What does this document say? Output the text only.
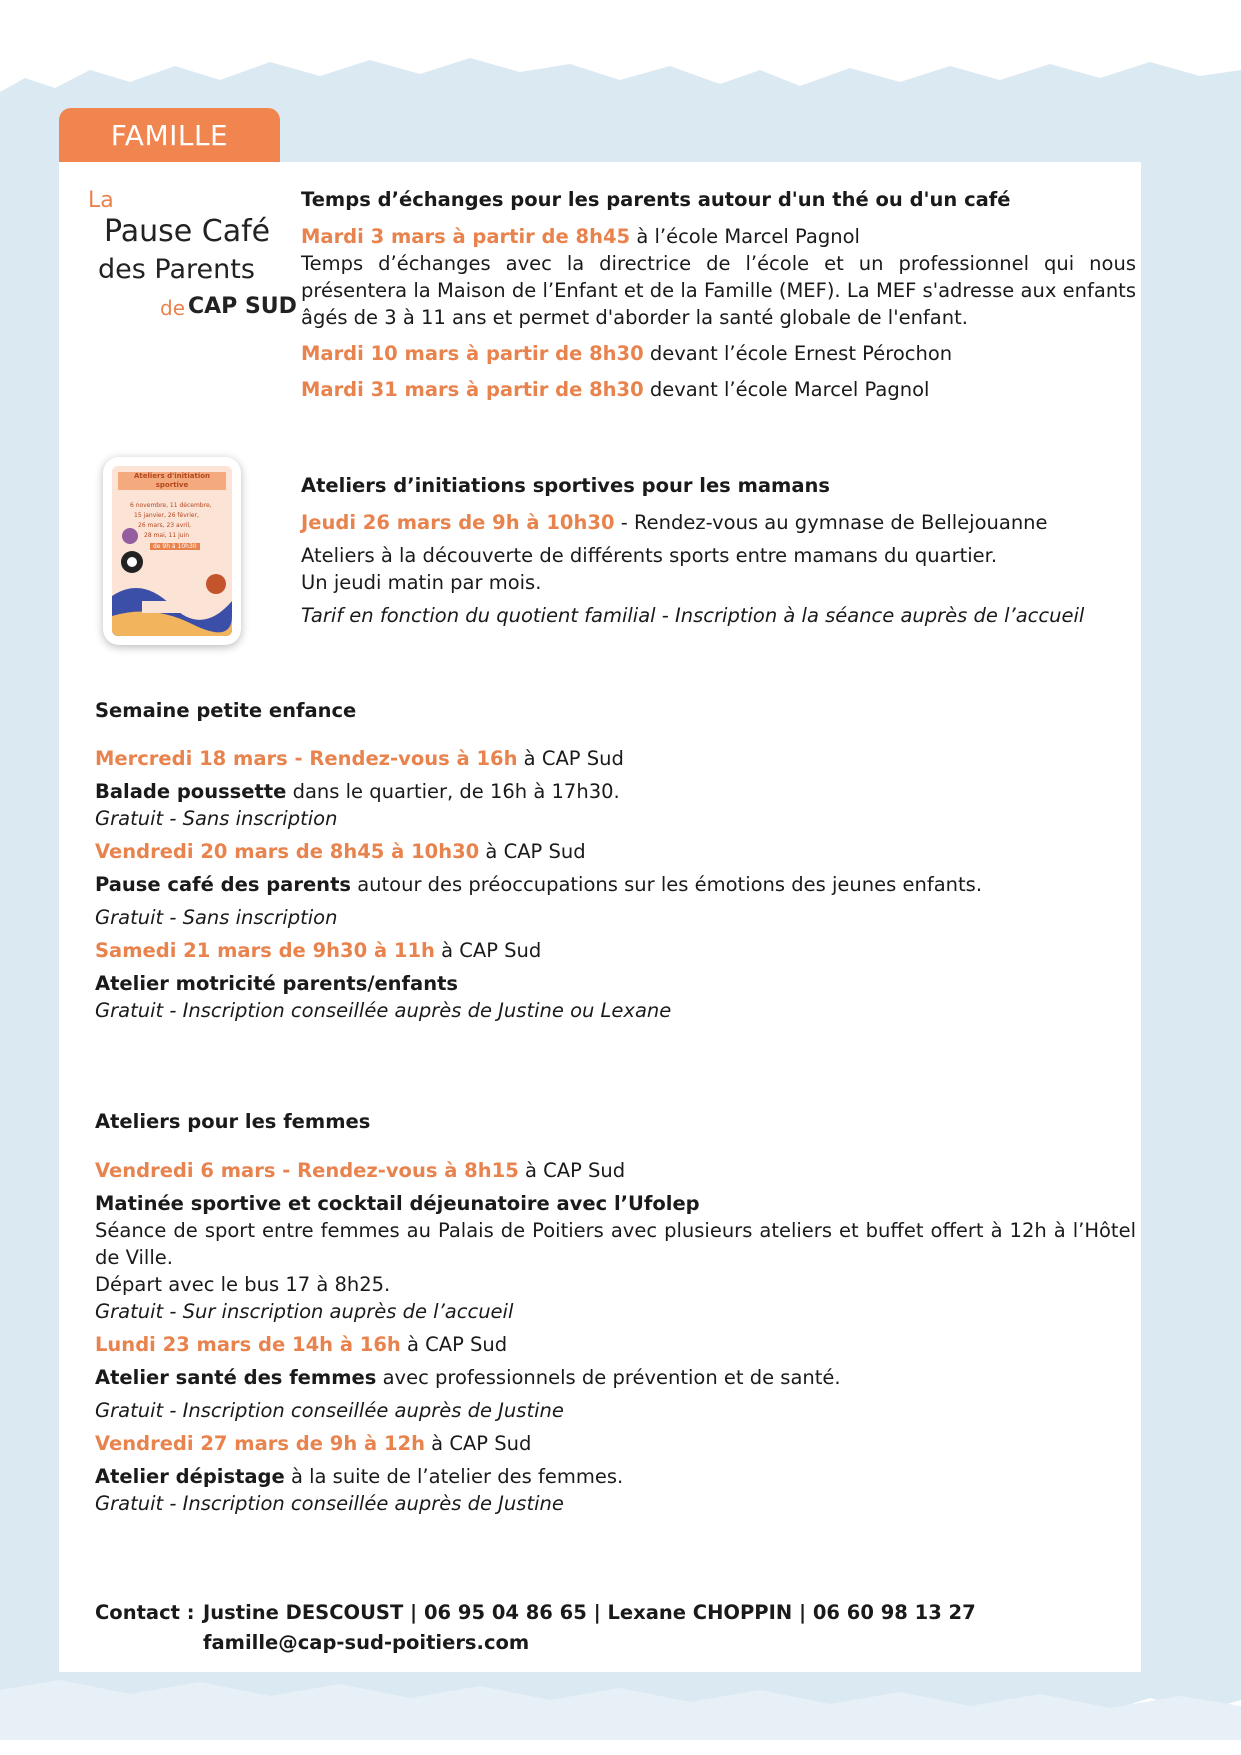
FAMILLE
La
Pause Café
des Parents
de CAP SUD
Temps d’échanges pour les parents autour d'un thé ou d'un café
Mardi 3 mars à partir de 8h45 à l’école Marcel Pagnol
Temps d’échanges avec la directrice de l’école et un professionnel qui nous présentera la Maison de l’Enfant et de la Famille (MEF). La MEF s'adresse aux enfants âgés de 3 à 11 ans et permet d'aborder la santé globale de l'enfant.
Mardi 10 mars à partir de 8h30 devant l’école Ernest Pérochon
Mardi 31 mars à partir de 8h30 devant l’école Marcel Pagnol
Ateliers d'initiation sportive
6 novembre, 11 décembre,
15 janvier, 26 février,
26 mars, 23 avril,
28 mai, 11 juin
de 9h à 10h30
Ateliers d’initiations sportives pour les mamans
Jeudi 26 mars de 9h à 10h30 - Rendez-vous au gymnase de Bellejouanne
Ateliers à la découverte de différents sports entre mamans du quartier.
Un jeudi matin par mois.
Tarif en fonction du quotient familial - Inscription à la séance auprès de l’accueil
Semaine petite enfance
Mercredi 18 mars - Rendez-vous à 16h à CAP Sud
Balade poussette dans le quartier, de 16h à 17h30.
Gratuit - Sans inscription
Vendredi 20 mars de 8h45 à 10h30 à CAP Sud
Pause café des parents autour des préoccupations sur les émotions des jeunes enfants.
Gratuit - Sans inscription
Samedi 21 mars de 9h30 à 11h à CAP Sud
Atelier motricité parents/enfants
Gratuit - Inscription conseillée auprès de Justine ou Lexane
Ateliers pour les femmes
Vendredi 6 mars - Rendez-vous à 8h15 à CAP Sud
Matinée sportive et cocktail déjeunatoire avec l’Ufolep
Séance de sport entre femmes au Palais de Poitiers avec plusieurs ateliers et buffet offert à 12h à l’Hôtel de Ville.
Départ avec le bus 17 à 8h25.
Gratuit - Sur inscription auprès de l’accueil
Lundi 23 mars de 14h à 16h à CAP Sud
Atelier santé des femmes avec professionnels de prévention et de santé.
Gratuit - Inscription conseillée auprès de Justine
Vendredi 27 mars de 9h à 12h à CAP Sud
Atelier dépistage à la suite de l’atelier des femmes.
Gratuit - Inscription conseillée auprès de Justine
Contact : Justine DESCOUST | 06 95 04 86 65 | Lexane CHOPPIN | 06 60 98 13 27
famille@cap-sud-poitiers.com
